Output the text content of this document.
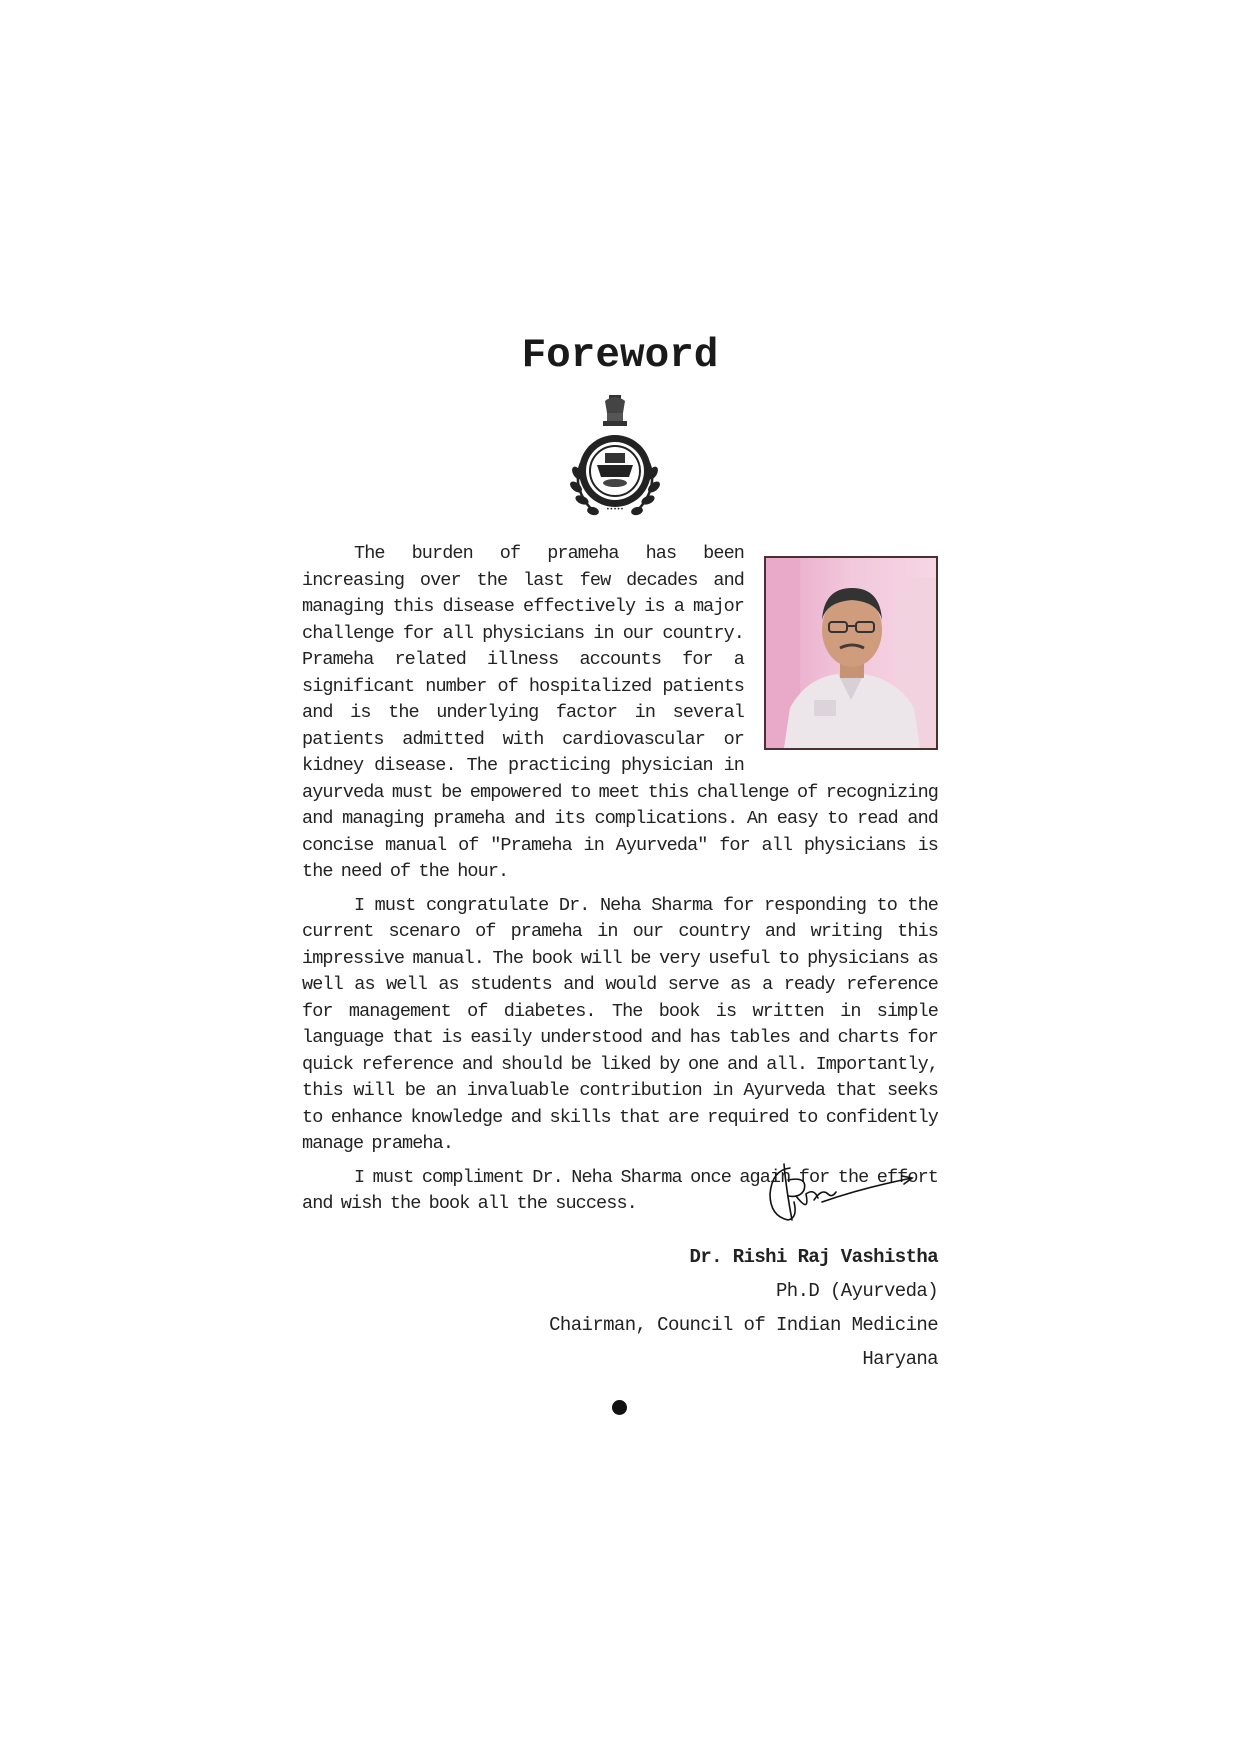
Foreword
•••••

The burden of prameha has been increasing over the last few decades and managing this disease effectively is a major challenge for all physicians in our country. Prameha related illness accounts for a significant number of hospitalized patients and is the underlying factor in several patients admitted with cardiovascular or kidney disease. The practicing physician in ayurveda must be empowered to meet this challenge of recognizing and managing prameha and its complications. An easy to read and concise manual of "Prameha in Ayurveda" for all physicians is the need of the hour.

I must congratulate Dr. Neha Sharma for responding to the current scenaro of prameha in our country and writing this impressive manual. The book will be very useful to physicians as well as well as students and would serve as a ready reference for management of diabetes. The book is written in simple language that is easily understood and has tables and charts for quick reference and should be liked by one and all. Importantly, this will be an invaluable contribution in Ayurveda that seeks to enhance knowledge and skills that are required to confidently manage prameha.

I must compliment Dr. Neha Sharma once again for the effort and wish the book all the success.

Dr. Rishi Raj Vashistha
Ph.D (Ayurveda)
Chairman, Council of Indian Medicine
Haryana
